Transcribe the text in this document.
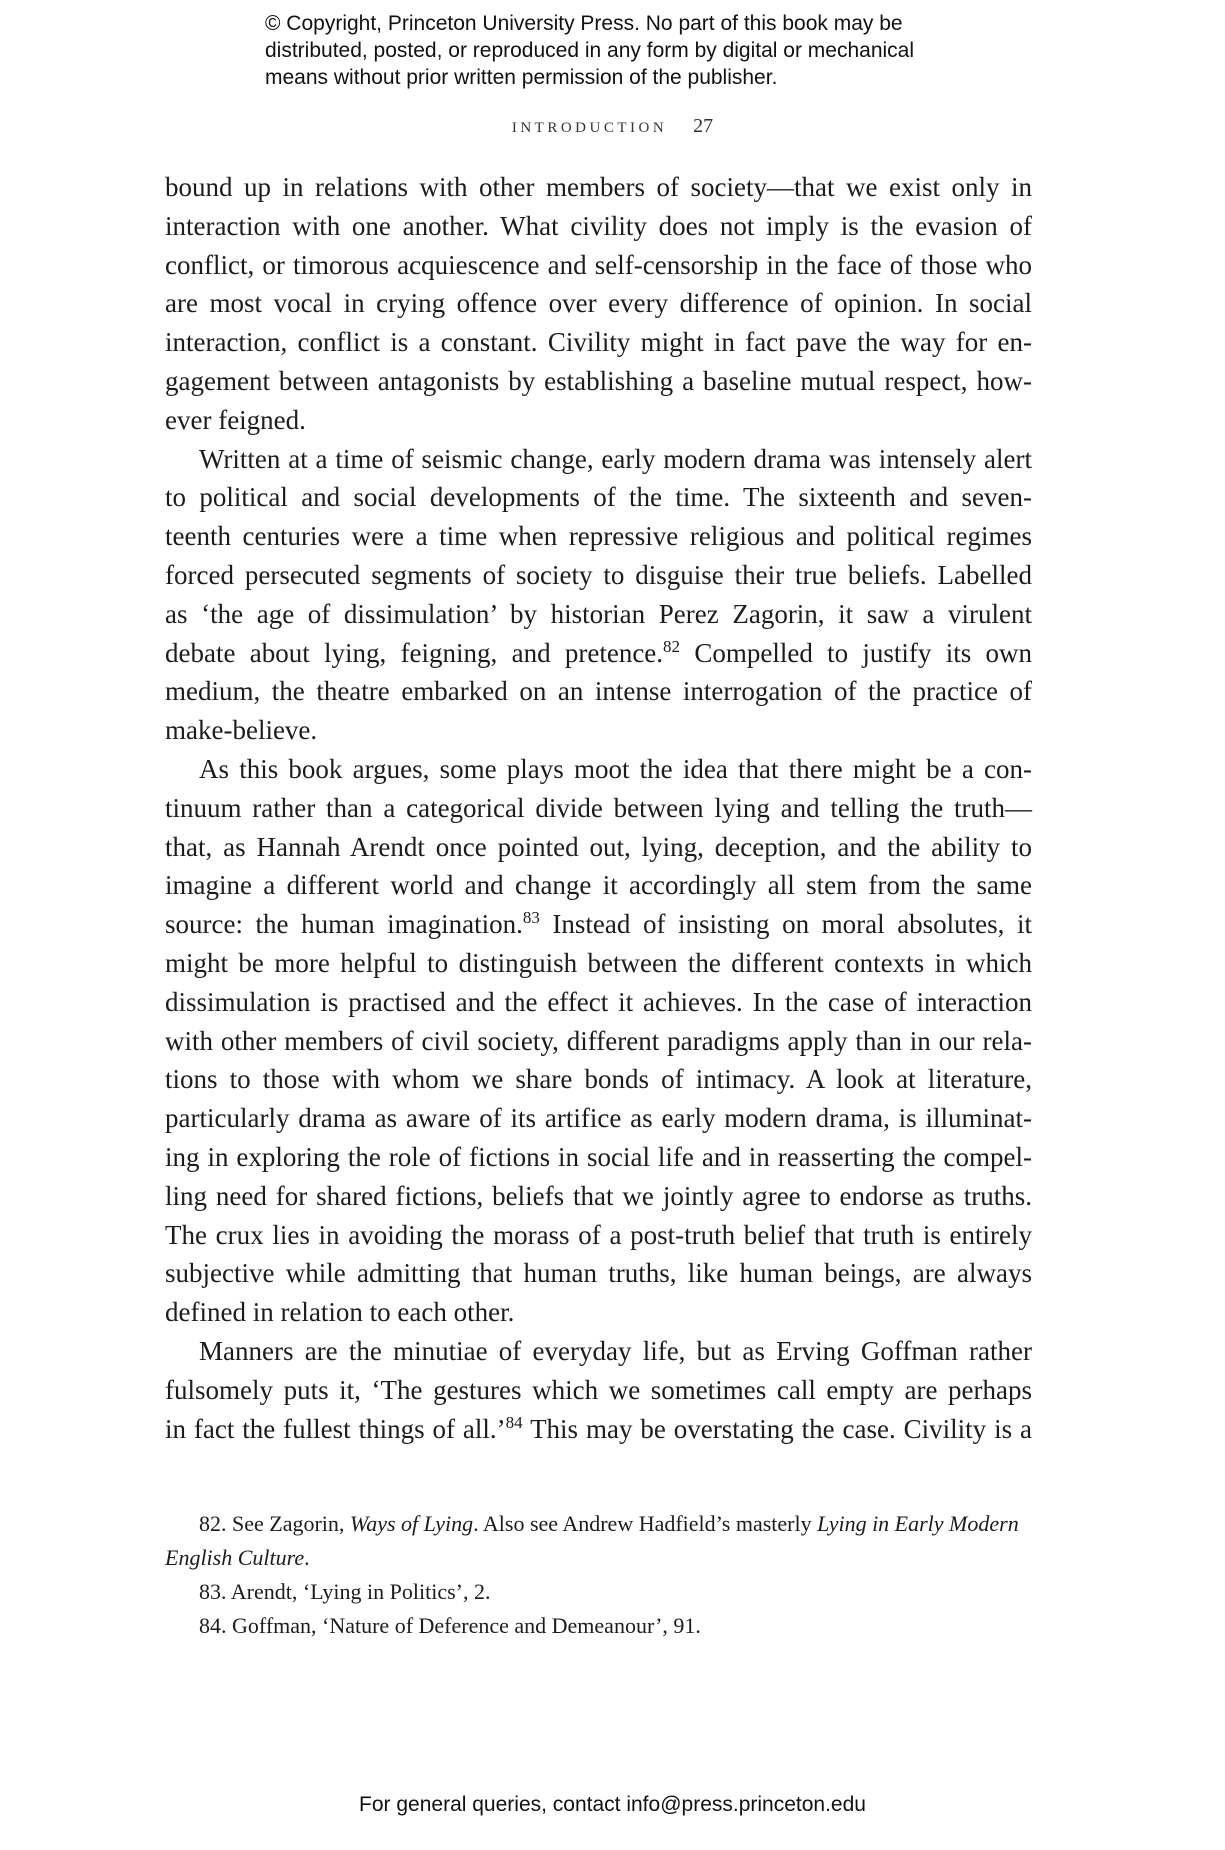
© Copyright, Princeton University Press. No part of this book may be
distributed, posted, or reproduced in any form by digital or mechanical
means without prior written permission of the publisher.
introduction 27
bound up in relations with other members of society—that we exist only in
interaction with one another. What civility does not imply is the evasion of
conflict, or timorous acquiescence and self-censorship in the face of those who
are most vocal in crying offence over every difference of opinion. In social
interaction, conflict is a constant. Civility might in fact pave the way for en-
gagement between antagonists by establishing a baseline mutual respect, how-
ever feigned.
Written at a time of seismic change, early modern drama was intensely alert
to political and social developments of the time. The sixteenth and seven-
teenth centuries were a time when repressive religious and political regimes
forced persecuted segments of society to disguise their true beliefs. Labelled
as ‘the age of dissimulation’ by historian Perez Zagorin, it saw a virulent
debate about lying, feigning, and pretence.$^{82}$ Compelled to justify its own
medium, the theatre embarked on an intense interrogation of the practice of
make-believe.
As this book argues, some plays moot the idea that there might be a con-
tinuum rather than a categorical divide between lying and telling the truth—
that, as Hannah Arendt once pointed out, lying, deception, and the ability to
imagine a different world and change it accordingly all stem from the same
source: the human imagination.$^{83}$ Instead of insisting on moral absolutes, it
might be more helpful to distinguish between the different contexts in which
dissimulation is practised and the effect it achieves. In the case of interaction
with other members of civil society, different paradigms apply than in our rela-
tions to those with whom we share bonds of intimacy. A look at literature,
particularly drama as aware of its artifice as early modern drama, is illuminat-
ing in exploring the role of fictions in social life and in reasserting the compel-
ling need for shared fictions, beliefs that we jointly agree to endorse as truths.
The crux lies in avoiding the morass of a post-truth belief that truth is entirely
subjective while admitting that human truths, like human beings, are always
defined in relation to each other.
Manners are the minutiae of everyday life, but as Erving Goffman rather
fulsomely puts it, ‘The gestures which we sometimes call empty are perhaps
in fact the fullest things of all.’$^{84}$ This may be overstating the case. Civility is a
82. See Zagorin, Ways of Lying. Also see Andrew Hadfield’s masterly Lying in Early Modern
English Culture.
83. Arendt, ‘Lying in Politics’, 2.
84. Goffman, ‘Nature of Deference and Demeanour’, 91.
For general queries, contact info@press.princeton.edu
